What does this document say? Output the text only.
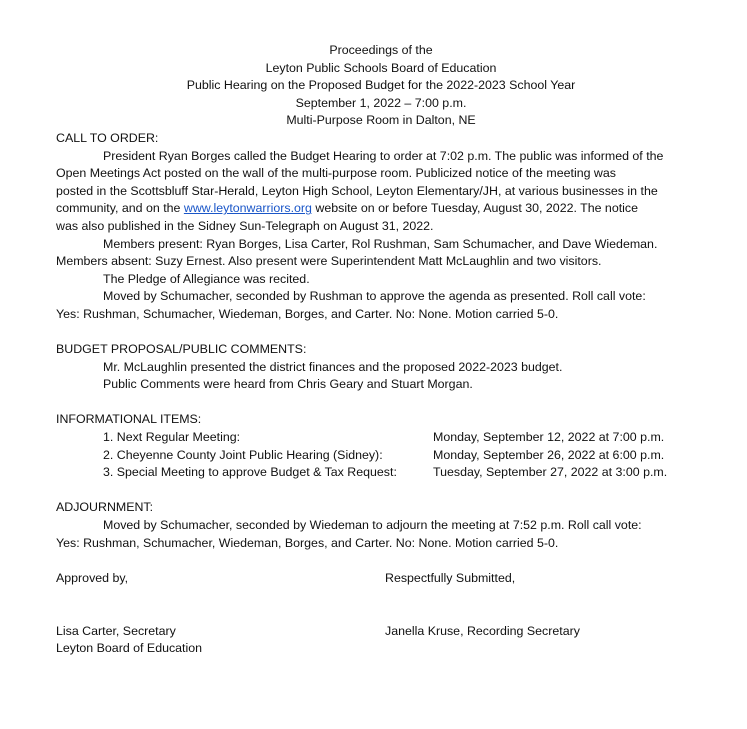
Proceedings of the
Leyton Public Schools Board of Education
Public Hearing on the Proposed Budget for the 2022-2023 School Year
September 1, 2022 – 7:00 p.m.
Multi-Purpose Room in Dalton, NE
CALL TO ORDER:
President Ryan Borges called the Budget Hearing to order at 7:02 p.m. The public was informed of the
Open Meetings Act posted on the wall of the multi-purpose room. Publicized notice of the meeting was
posted in the Scottsbluff Star-Herald, Leyton High School, Leyton Elementary/JH, at various businesses in the
community, and on the www.leytonwarriors.org website on or before Tuesday, August 30, 2022. The notice
was also published in the Sidney Sun-Telegraph on August 31, 2022.
Members present: Ryan Borges, Lisa Carter, Rol Rushman, Sam Schumacher, and Dave Wiedeman.
Members absent: Suzy Ernest. Also present were Superintendent Matt McLaughlin and two visitors.
The Pledge of Allegiance was recited.
Moved by Schumacher, seconded by Rushman to approve the agenda as presented. Roll call vote:
Yes: Rushman, Schumacher, Wiedeman, Borges, and Carter. No: None. Motion carried 5-0.
BUDGET PROPOSAL/PUBLIC COMMENTS:
Mr. McLaughlin presented the district finances and the proposed 2022-2023 budget.
Public Comments were heard from Chris Geary and Stuart Morgan.
INFORMATIONAL ITEMS:
1. Next Regular Meeting:	Monday, September 12, 2022 at 7:00 p.m.
2. Cheyenne County Joint Public Hearing (Sidney):	Monday, September 26, 2022 at 6:00 p.m.
3. Special Meeting to approve Budget & Tax Request:	Tuesday, September 27, 2022 at 3:00 p.m.
ADJOURNMENT:
Moved by Schumacher, seconded by Wiedeman to adjourn the meeting at 7:52 p.m. Roll call vote:
Yes: Rushman, Schumacher, Wiedeman, Borges, and Carter. No: None. Motion carried 5-0.
Approved by,	Respectfully Submitted,
Lisa Carter, Secretary	Janella Kruse, Recording Secretary
Leyton Board of Education
